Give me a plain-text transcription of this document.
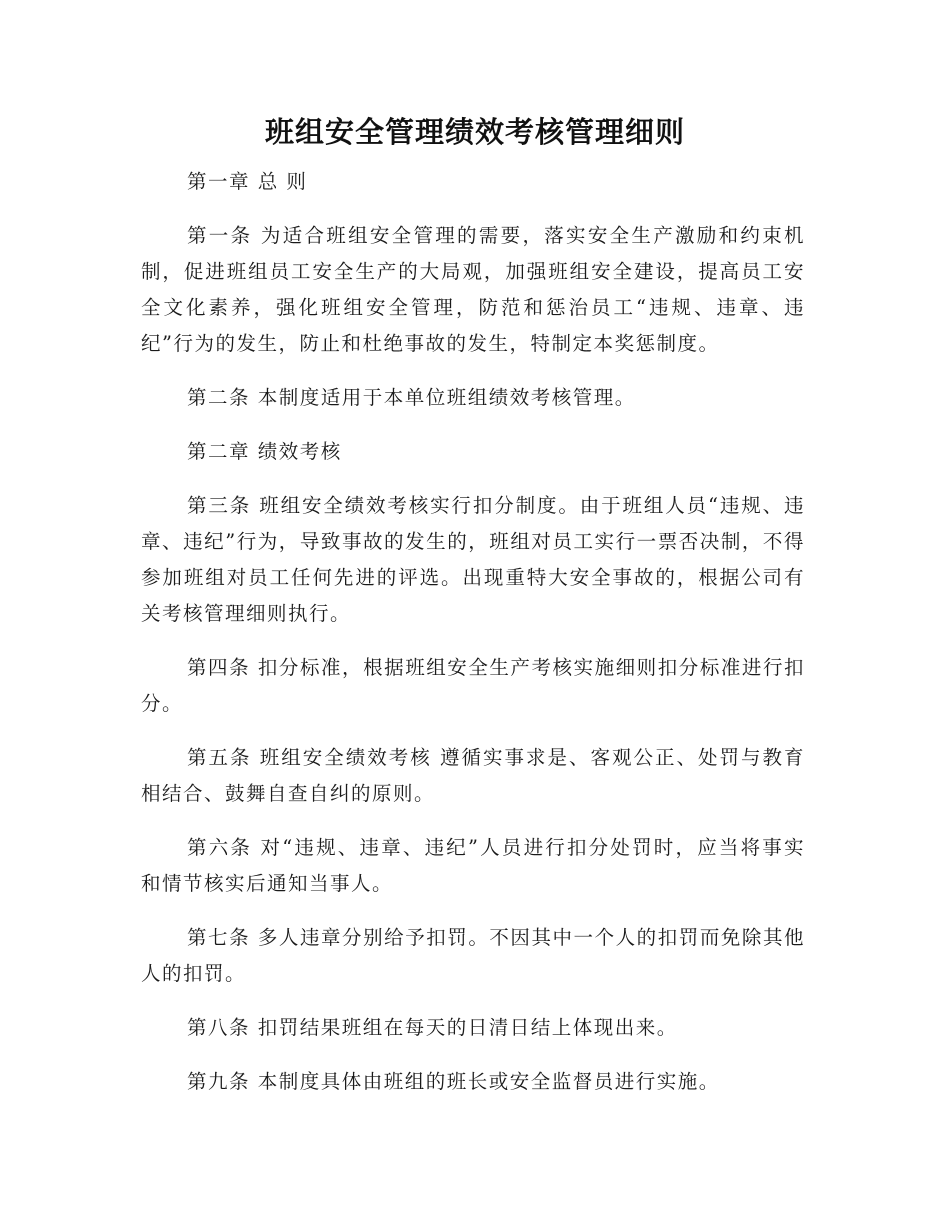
班组安全管理绩效考核管理细则

第一章 总 则

第一条 为适合班组安全管理的需要，落实安全生产激励和约束机制，促进班组员工安全生产的大局观，加强班组安全建设，提高员工安全文化素养，强化班组安全管理，防范和惩治员工“违规、违章、违纪”行为的发生，防止和杜绝事故的发生，特制定本奖惩制度。

第二条 本制度适用于本单位班组绩效考核管理。

第二章 绩效考核

第三条 班组安全绩效考核实行扣分制度。由于班组人员“违规、违章、违纪”行为，导致事故的发生的，班组对员工实行一票否决制，不得参加班组对员工任何先进的评选。出现重特大安全事故的，根据公司有关考核管理细则执行。

第四条 扣分标准，根据班组安全生产考核实施细则扣分标准进行扣分。

第五条 班组安全绩效考核 遵循实事求是、客观公正、处罚与教育相结合、鼓舞自查自纠的原则。

第六条 对“违规、违章、违纪”人员进行扣分处罚时，应当将事实和情节核实后通知当事人。

第七条 多人违章分别给予扣罚。不因其中一个人的扣罚而免除其他人的扣罚。

第八条 扣罚结果班组在每天的日清日结上体现出来。

第九条 本制度具体由班组的班长或安全监督员进行实施。
